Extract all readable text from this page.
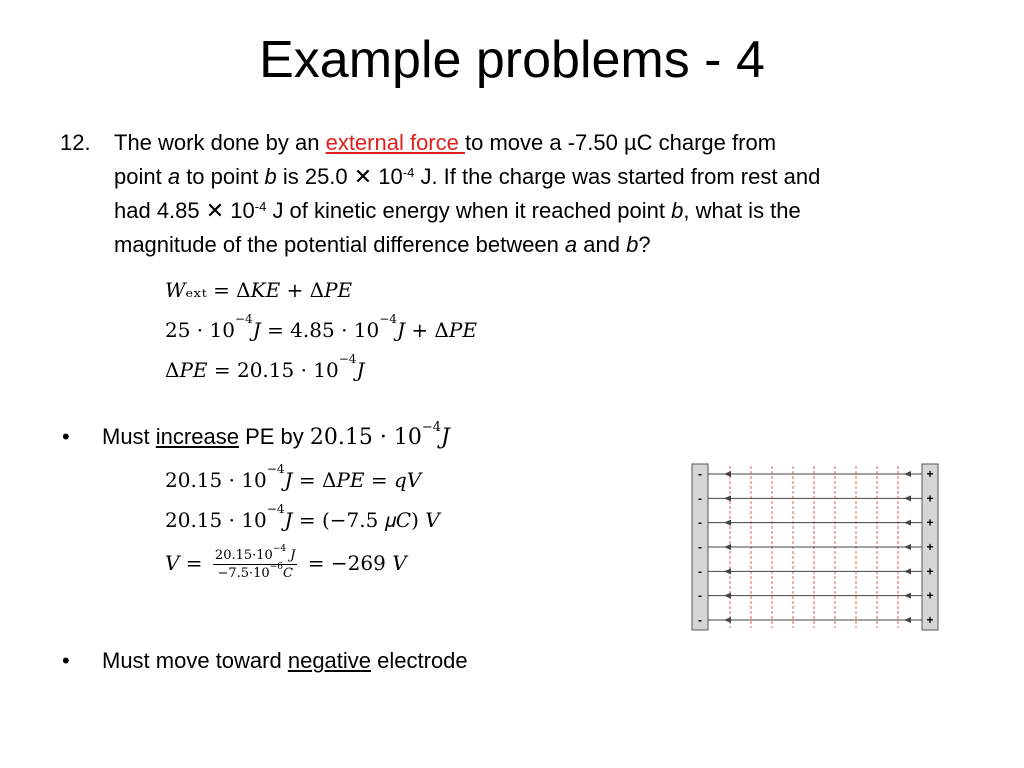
Example problems - 4
12. The work done by an external force to move a -7.50 µC charge from
point a to point b is 25.0 ✕ $10^{-4}$ J. If the charge was started from rest and
had 4.85 ✕ $10^{-4}$ J of kinetic energy when it reached point b, what is the
magnitude of the potential difference between a and b?
𝑊ₑₓₜ = Δ𝐾𝐸 + Δ𝑃𝐸
$25 \cdot 10^{-4}𝐽 = 4.85$ · $10^{-4}𝐽$ + Δ𝑃𝐸
Δ𝑃𝐸 = $20.15 \cdot 10^{-4}𝐽$
• Must increase PE by $20.15 \cdot 10^{-4}𝐽$
$20.15 \cdot 10^{-4}𝐽$ = Δ𝑃𝐸 = 𝑞𝑉
$20.15 \cdot 10^{-4}𝐽 = (-7.5$ 𝜇𝐶) 𝑉
𝑉 = $\frac{20.15\cdot 10^{-4} 𝐽}{-7.5\cdot 10^{-6}𝐶} = -269$ 𝑉
• Must move toward negative electrode
-	+
-	+
-	+
-	+
-	+
-	+
-	+
